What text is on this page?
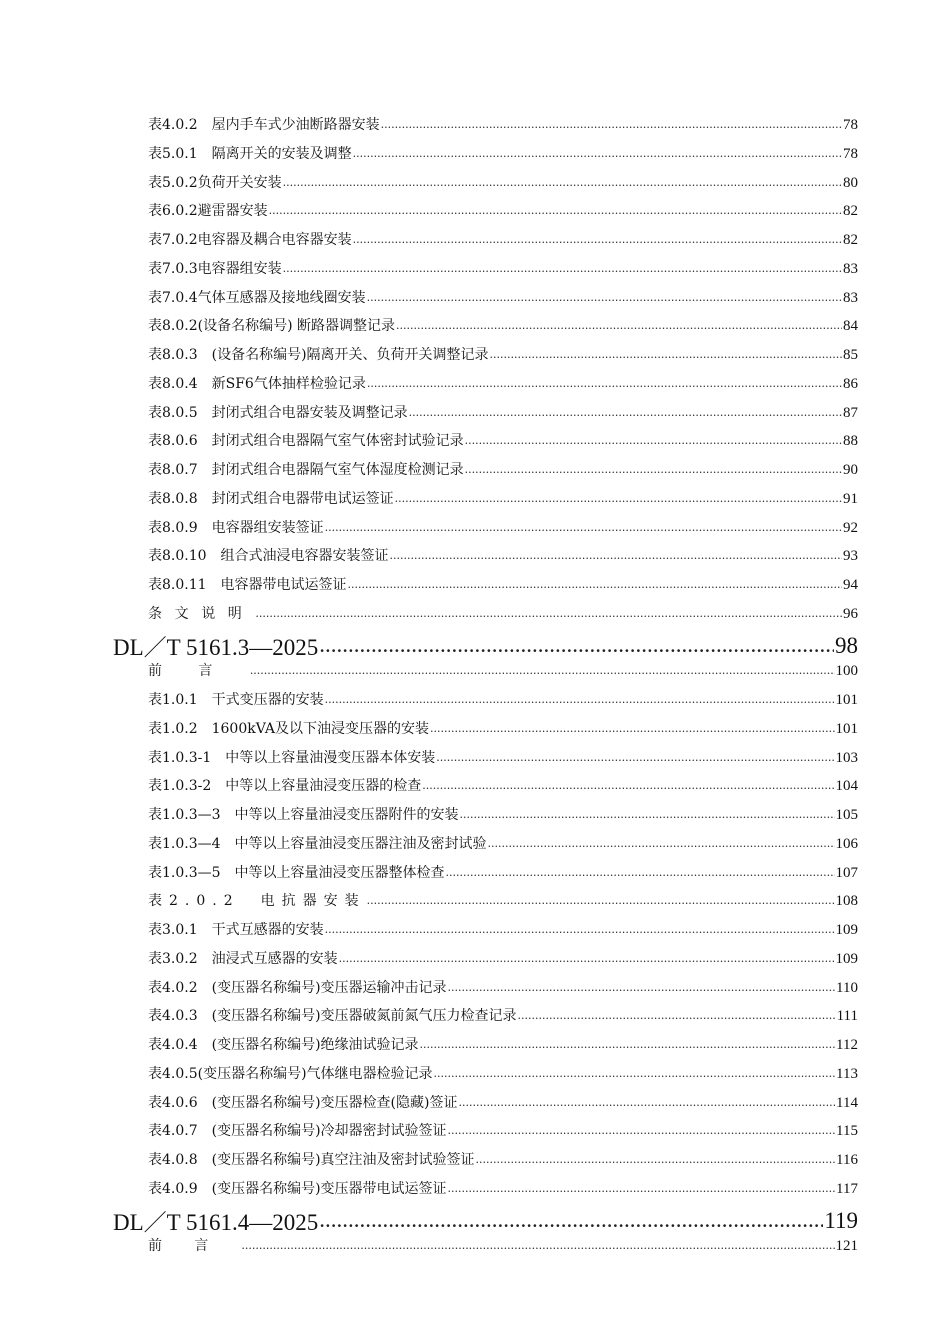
表4.0.2　屋内手车式少油断路器安装 .....	78
表5.0.1　隔离开关的安装及调整 .....	78
表5.0.2负荷开关安装 .....	80
表6.0.2避雷器安装 .....	82
表7.0.2电容器及耦合电容器安装 .....	82
表7.0.3电容器组安装 .....	83
表7.0.4气体互感器及接地线圈安装 .....	83
表8.0.2(设备名称编号) 断路器调整记录 .....	84
表8.0.3　(设备名称编号)隔离开关、负荷开关调整记录 .....	85
表8.0.4　新SF6气体抽样检验记录 .....	86
表8.0.5　封闭式组合电器安装及调整记录 .....	87
表8.0.6　封闭式组合电器隔气室气体密封试验记录 .....	88
表8.0.7　封闭式组合电器隔气室气体湿度检测记录 .....	90
表8.0.8　封闭式组合电器带电试运签证 .....	91
表8.0.9　电容器组安装签证 .....	92
表8.0.10　组合式油浸电容器安装签证 .....	93
表8.0.11　电容器带电试运签证 .....	94
条文说明 .....	96
DL／T 5161.3—2025 .....	98
前言 .....	100
表1.0.1　干式变压器的安装 .....	101
表1.0.2　1600kVA及以下油浸变压器的安装 .....	101
表1.0.3-1　中等以上容量油漫变压器本体安装 .....	103
表1.0.3-2　中等以上容量油浸变压器的检查 .....	104
表1.0.3—3　中等以上容量油浸变压器附件的安装 .....	105
表1.0.3—4　中等以上容量油浸变压器注油及密封试验 .....	106
表1.0.3—5　中等以上容量油浸变压器整体检查 .....	107
表2.0.2　电抗器安装 .....	108
表3.0.1　干式互感器的安装 .....	109
表3.0.2　油浸式互感器的安装 .....	109
表4.0.2　(变压器名称编号)变压器运输冲击记录 .....	110
表4.0.3　(变压器名称编号)变压器破氮前氮气压力检查记录 .....	111
表4.0.4　(变压器名称编号)绝缘油试验记录 .....	112
表4.0.5(变压器名称编号)气体继电器检验记录 .....	113
表4.0.6　(变压器名称编号)变压器检查(隐藏)签证 .....	114
表4.0.7　(变压器名称编号)冷却器密封试验签证 .....	115
表4.0.8　(变压器名称编号)真空注油及密封试验签证 .....	116
表4.0.9　(变压器名称编号)变压器带电试运签证 .....	117
DL／T 5161.4—2025 .....	119
前言 .....	121
